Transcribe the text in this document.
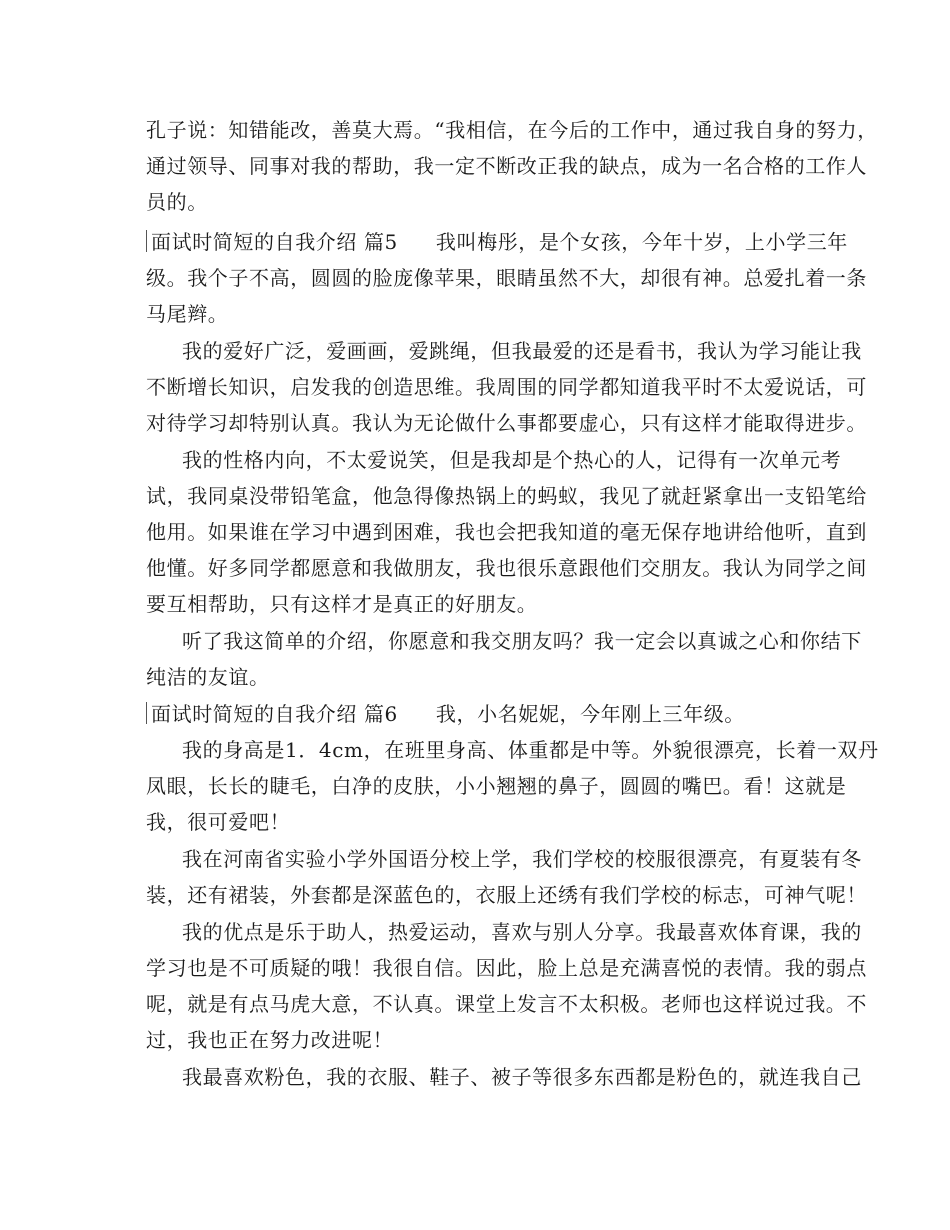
孔子说：知错能改，善莫大焉。“我相信，在今后的工作中，通过我自身的努力，

通过领导、同事对我的帮助，我一定不断改正我的缺点，成为一名合格的工作人

员的。

面试时简短的自我介绍 篇5 我叫梅彤，是个女孩，今年十岁，上小学三年

级。我个子不高，圆圆的脸庞像苹果，眼睛虽然不大，却很有神。总爱扎着一条

马尾辫。

我的爱好广泛，爱画画，爱跳绳，但我最爱的还是看书，我认为学习能让我

不断增长知识，启发我的创造思维。我周围的同学都知道我平时不太爱说话，可

对待学习却特别认真。我认为无论做什么事都要虚心，只有这样才能取得进步。

我的性格内向，不太爱说笑，但是我却是个热心的人，记得有一次单元考

试，我同桌没带铅笔盒，他急得像热锅上的蚂蚁，我见了就赶紧拿出一支铅笔给

他用。如果谁在学习中遇到困难，我也会把我知道的毫无保存地讲给他听，直到

他懂。好多同学都愿意和我做朋友，我也很乐意跟他们交朋友。我认为同学之间

要互相帮助，只有这样才是真正的好朋友。

听了我这简单的介绍，你愿意和我交朋友吗？我一定会以真诚之心和你结下

纯洁的友谊。

面试时简短的自我介绍 篇6 我，小名妮妮，今年刚上三年级。

我的身高是1．4cm，在班里身高、体重都是中等。外貌很漂亮，长着一双丹

凤眼，长长的睫毛，白净的皮肤，小小翘翘的鼻子，圆圆的嘴巴。看！这就是

我，很可爱吧！

我在河南省实验小学外国语分校上学，我们学校的校服很漂亮，有夏装有冬

装，还有裙装，外套都是深蓝色的，衣服上还绣有我们学校的标志，可神气呢！

我的优点是乐于助人，热爱运动，喜欢与别人分享。我最喜欢体育课，我的

学习也是不可质疑的哦！我很自信。因此，脸上总是充满喜悦的表情。我的弱点

呢，就是有点马虎大意，不认真。课堂上发言不太积极。老师也这样说过我。不

过，我也正在努力改进呢！

我最喜欢粉色，我的衣服、鞋子、被子等很多东西都是粉色的，就连我自己
